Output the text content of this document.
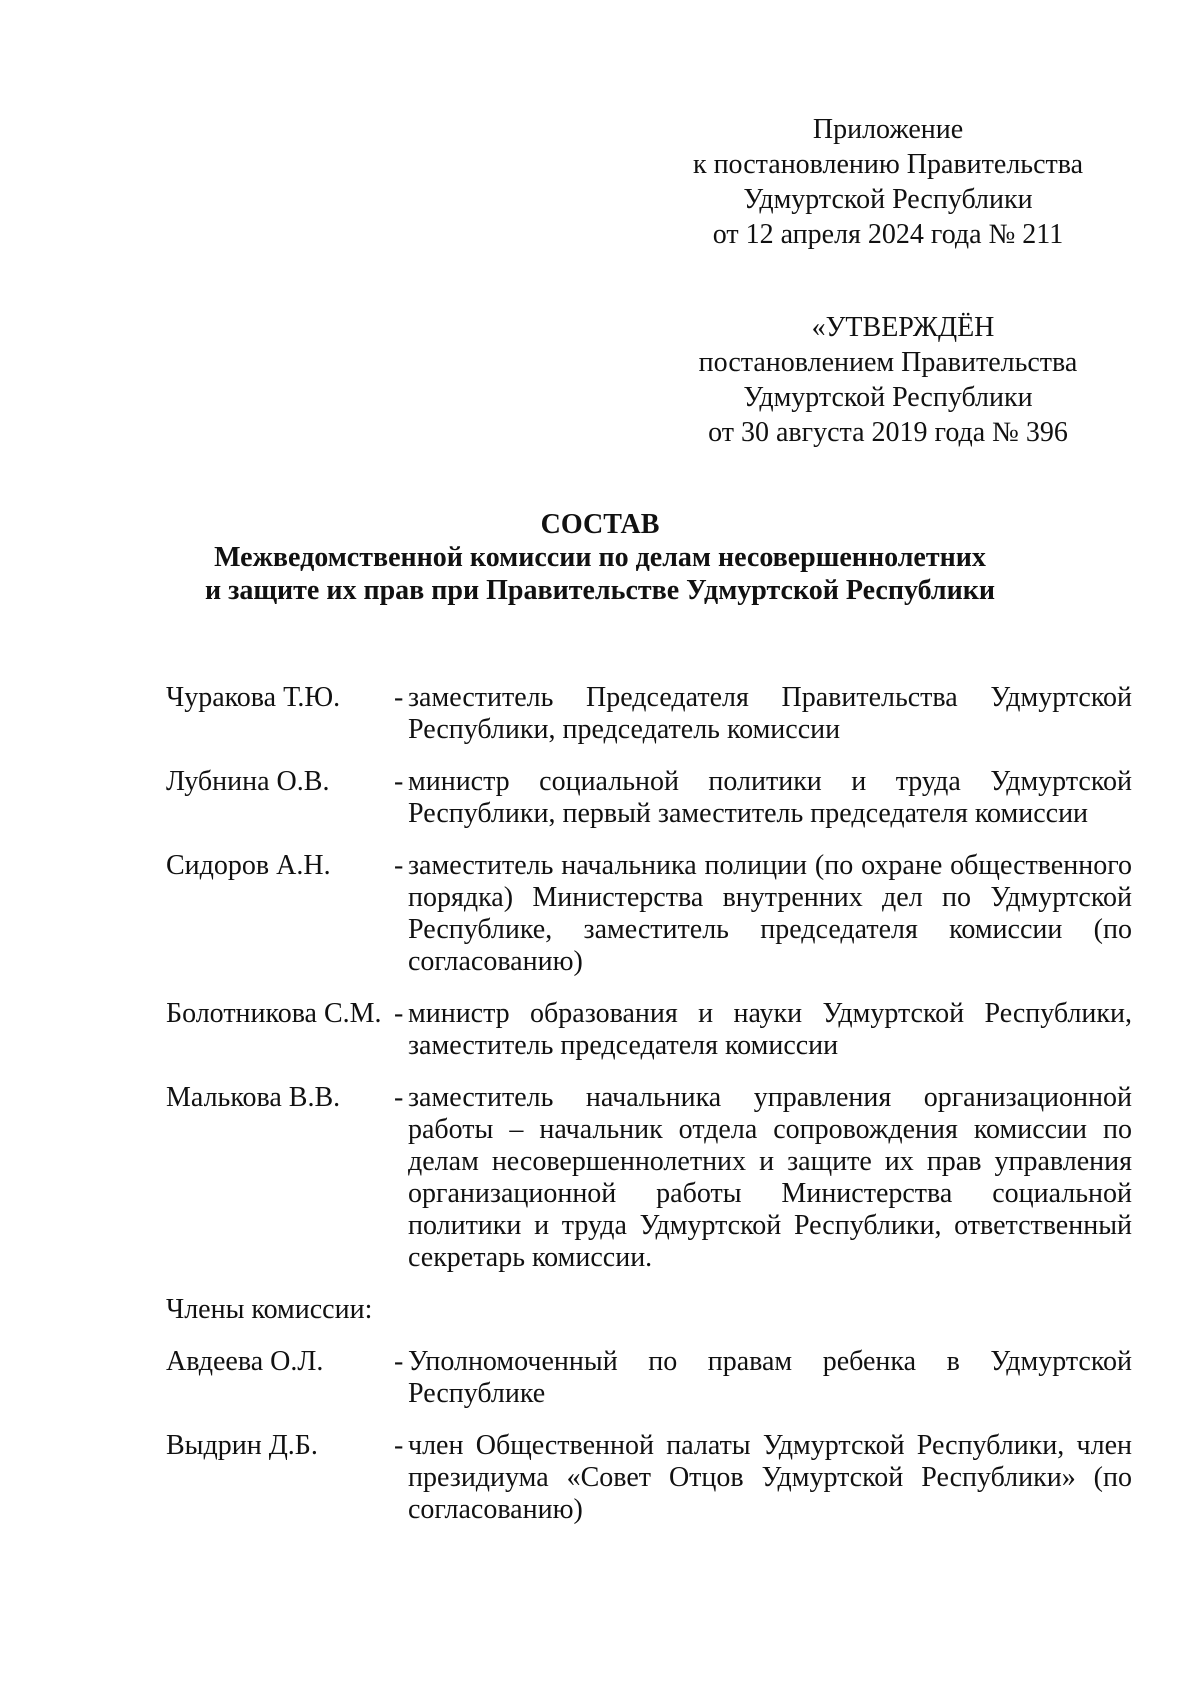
Приложение
к постановлению Правительства
Удмуртской Республики
от 12 апреля 2024 года № 211
«УТВЕРЖДЁН
постановлением Правительства
Удмуртской Республики
от 30 августа 2019 года № 396
СОСТАВ
Межведомственной комиссии по делам несовершеннолетних
и защите их прав при Правительстве Удмуртской Республики
Чуракова Т.Ю.	- заместитель Председателя Правительства Удмуртской Республики, председатель комиссии
Лубнина О.В.	- министр социальной политики и труда Удмуртской Республики, первый заместитель председателя комиссии
Сидоров А.Н.	- заместитель начальника полиции (по охране общественного порядка) Министерства внутренних дел по Удмуртской Республике, заместитель председателя комиссии (по согласованию)
Болотникова С.М. - министр образования и науки Удмуртской Республики, заместитель председателя комиссии
Малькова В.В.	- заместитель начальника управления организационной работы – начальник отдела сопровождения комиссии по делам несовершеннолетних и защите их прав управления организационной работы Министерства социальной политики и труда Удмуртской Республики, ответственный секретарь комиссии.
Члены комиссии:
Авдеева О.Л.	- Уполномоченный по правам ребенка в Удмуртской Республике
Выдрин Д.Б.	- член Общественной палаты Удмуртской Республики, член президиума «Совет Отцов Удмуртской Республики» (по согласованию)
